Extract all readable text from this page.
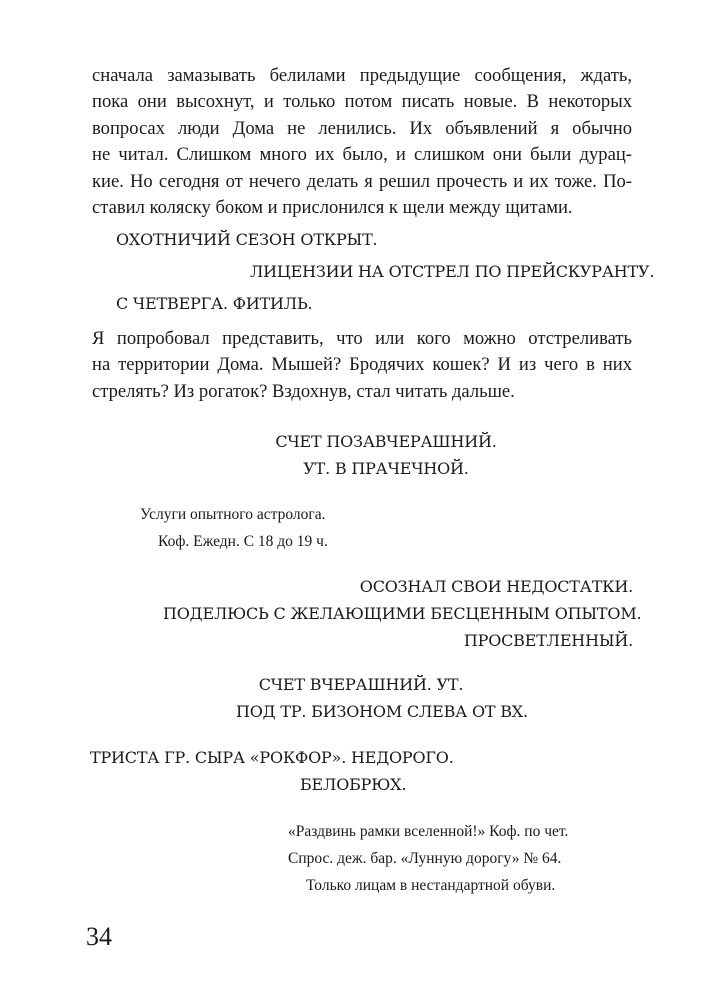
сначала замазывать белилами предыдущие сообщения, ждать,
пока они высохнут, и только потом писать новые. В некоторых
вопросах люди Дома не ленились. Их объявлений я обычно
не читал. Слишком много их было, и слишком они были дурац-
кие. Но сегодня от нечего делать я решил прочесть и их тоже. По-
ставил коляску боком и прислонился к щели между щитами.

ОХОТНИЧИЙ СЕЗОН ОТКРЫТ.

ЛИЦЕНЗИИ НА ОТСТРЕЛ ПО ПРЕЙСКУРАНТУ.

С ЧЕТВЕРГА. ФИТИЛЬ.

Я попробовал представить, что или кого можно отстреливать
на территории Дома. Мышей? Бродячих кошек? И из чего в них
стрелять? Из рогаток? Вздохнув, стал читать дальше.
СЧЕТ ПОЗАВЧЕРАШНИЙ.
УТ. В ПРАЧЕЧНОЙ.
Услуги опытного астролога.
Коф. Ежедн. С 18 до 19 ч.
ОСОЗНАЛ СВОИ НЕДОСТАТКИ.
ПОДЕЛЮСЬ С ЖЕЛАЮЩИМИ БЕСЦЕННЫМ ОПЫТОМ.
ПРОСВЕТЛЕННЫЙ.
СЧЕТ ВЧЕРАШНИЙ. УТ.
ПОД ТР. БИЗОНОМ СЛЕВА ОТ ВХ.
ТРИСТА ГР. СЫРА «РОКФОР». НЕДОРОГО.
БЕЛОБРЮХ.
«Раздвинь рамки вселенной!» Коф. по чет.
Спрос. деж. бар. «Лунную дорогу» № 64.
Только лицам в нестандартной обуви.

34
